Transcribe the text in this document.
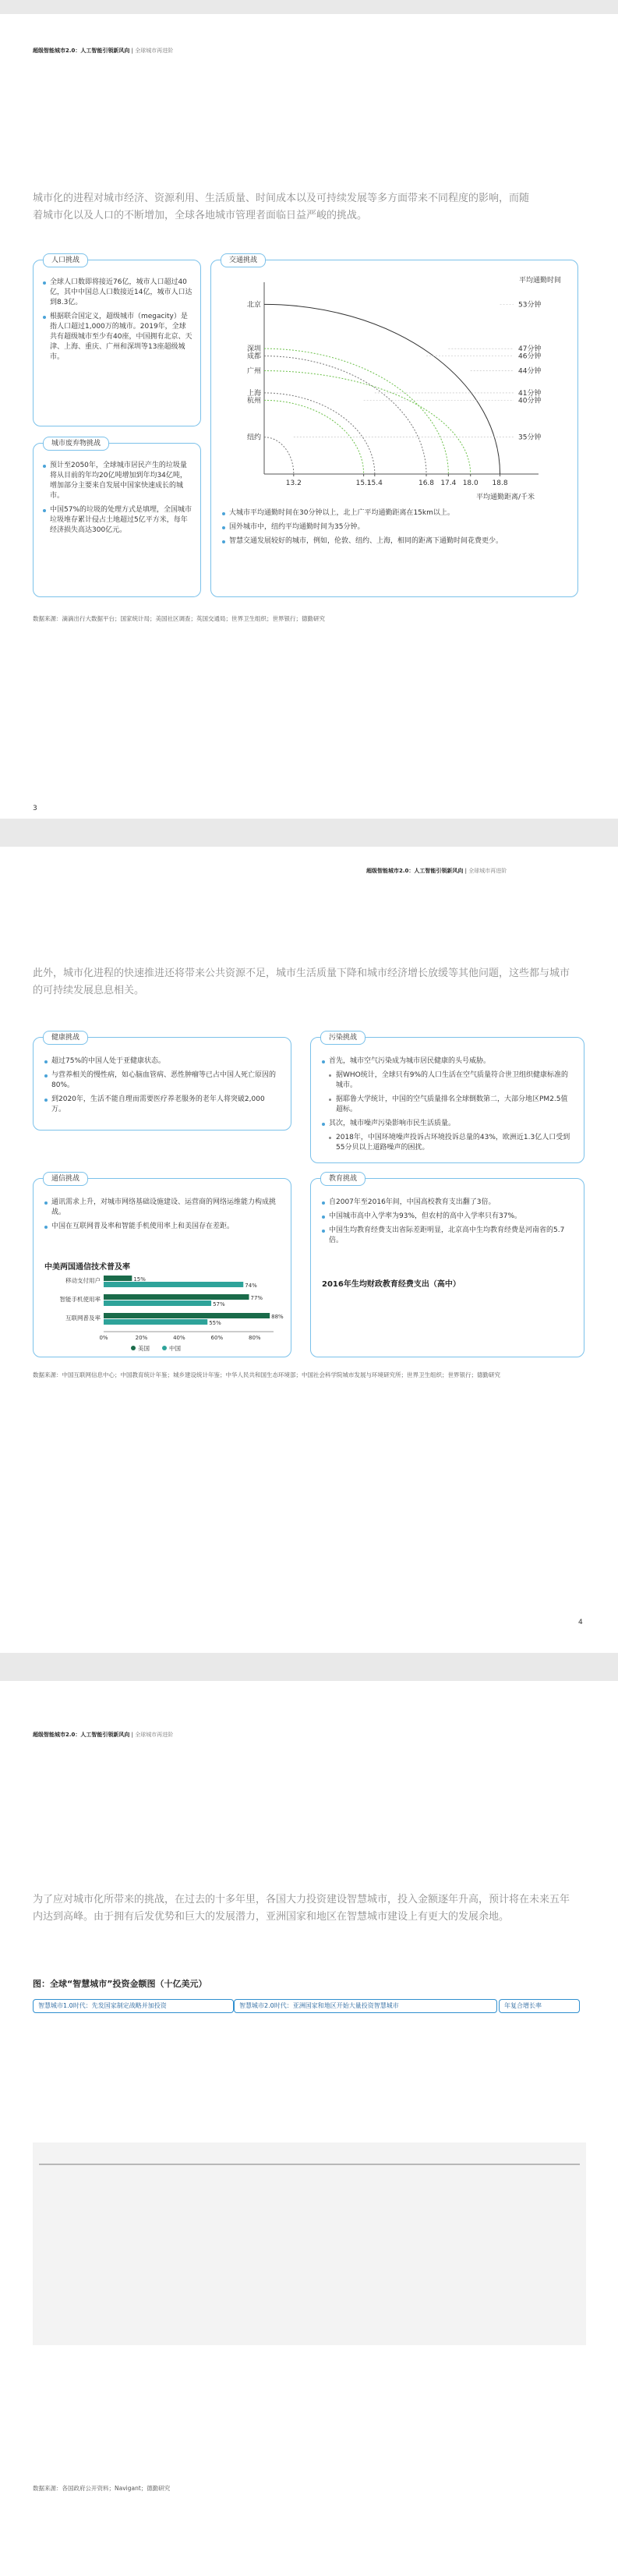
超级智能城市2.0：人工智能引领新风向 | 全球城市再进阶
城市化的进程对城市经济、资源利用、生活质量、时间成本以及可持续发展等多方面带来不同程度的影响，而随着城市化以及人口的不断增加，全球各地城市管理者面临日益严峻的挑战。
人口挑战
全球人口数即将接近76亿，城市人口超过40亿，其中中国总人口数接近14亿，城市人口达到8.3亿。
根据联合国定义，超级城市（megacity）是指人口超过1,000万的城市。2019年，全球共有超级城市至少有40座，中国拥有北京、天津、上海、重庆、广州和深圳等13座超级城市。
城市废弃物挑战
预计至2050年，全球城市居民产生的垃圾量将从目前的年均20亿吨增加到年均34亿吨，增加部分主要来自发展中国家快速成长的城市。
中国57%的垃圾的处理方式是填埋，全国城市垃圾堆存累计侵占土地超过5亿平方米，每年经济损失高达300亿元。
交通挑战
平均通勤时间
平均通勤距离/千米
北京	53分钟
深圳	47分钟
成都	46分钟
广州	44分钟
上海	41分钟
杭州	40分钟
纽约	35分钟
13.2	15.1
15.4	16.8 17.4 18.0 18.8
大城市平均通勤时间在30分钟以上，北上广平均通勤距离在15km以上。
国外城市中，纽约平均通勤时间为35分钟。
智慧交通发展较好的城市，例如，伦敦、纽约、上海，相同的距离下通勤时间花费更少。
数据来源：滴滴出行大数据平台；国家统计局；美国社区调查；英国交通局；世界卫生组织；世界银行；德勤研究
3
超级智能城市2.0：人工智能引领新风向 | 全球城市再进阶
此外，城市化进程的快速推进还将带来公共资源不足，城市生活质量下降和城市经济增长放缓等其他问题，这些都与城市的可持续发展息息相关。
健康挑战
超过75%的中国人处于亚健康状态。
与营养相关的慢性病，如心脑血管病、恶性肿瘤等已占中国人死亡原因的80%。
到2020年，生活不能自理而需要医疗养老服务的老年人将突破2,000万。
污染挑战
首先，城市空气污染成为城市居民健康的头号威胁。
据WHO统计，全球只有9%的人口生活在空气质量符合世卫组织健康标准的城市。
据耶鲁大学统计，中国的空气质量排名全球倒数第二，大部分地区PM2.5值超标。
其次，城市噪声污染影响市民生活质量。
2018年，中国环境噪声投诉占环境投诉总量的43%，欧洲近1.3亿人口受到55分贝以上道路噪声的困扰。
通信挑战
通讯需求上升，对城市网络基础设施建设、运营商的网络运维能力构成挑战。
中国在互联网普及率和智能手机使用率上和美国存在差距。
中美两国通信技术普及率
移动支付用户	15%
74%
智能手机使用率	77%
57%
互联网普及率	88%
55%
0%	20%	40%	60%	80%
美国	中国
教育挑战
自2007年至2016年间，中国高校教育支出翻了3倍。
中国城市高中入学率为93%，但农村的高中入学率只有37%。
中国生均教育经费支出省际差距明显，北京高中生均教育经费是河南省的5.7倍。
2016年生均财政教育经费支出（高中）
数据来源：中国互联网信息中心；中国教育统计年鉴；城乡建设统计年鉴；中华人民共和国生态环境部；中国社会科学院城市发展与环境研究所；世界卫生组织；世界银行；德勤研究
4
超级智能城市2.0：人工智能引领新风向 | 全球城市再进阶
为了应对城市化所带来的挑战，在过去的十多年里，各国大力投资建设智慧城市，投入金额逐年升高，预计将在未来五年内达到高峰。由于拥有后发优势和巨大的发展潜力，亚洲国家和地区在智慧城市建设上有更大的发展余地。
图：全球“智慧城市”投资金额图（十亿美元）
智慧城市1.0时代：先发国家制定战略并加投资	智慧城市2.0时代：亚洲国家和地区开始大量投资智慧城市	年复合增长率
数据来源：各国政府公开资料；Navigant；德勤研究
